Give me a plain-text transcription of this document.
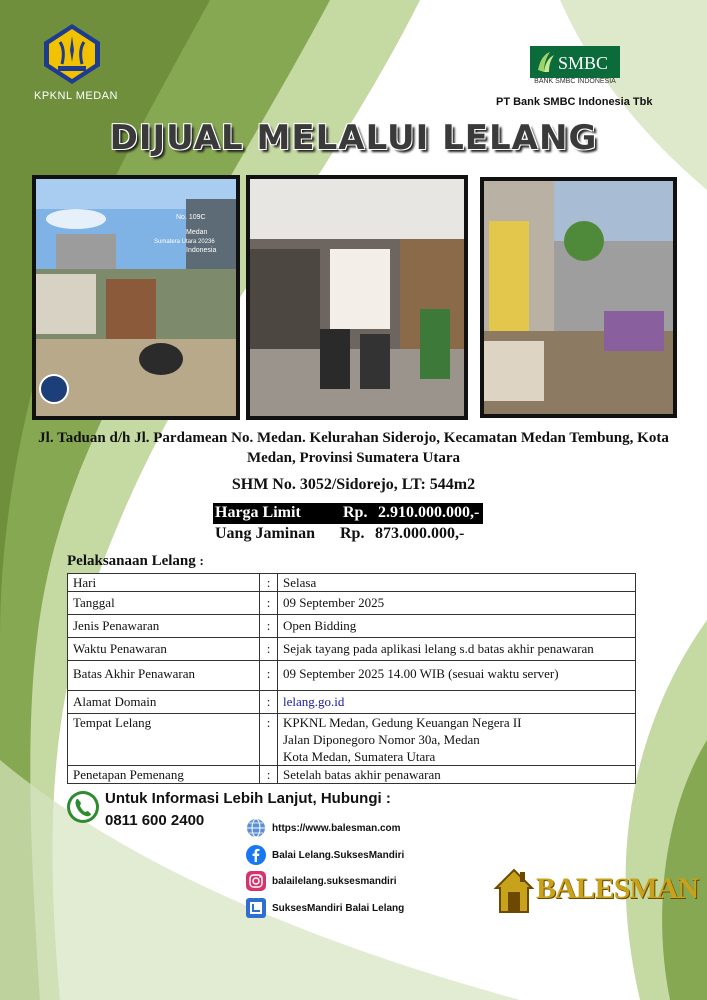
KPKNL MEDAN
SMBC
BANK SMBC INDONESIA
PT Bank SMBC Indonesia Tbk
DIJUAL MELALUI LELANG
No. 109C
Medan
Sumatera Utara 20236
Indonesia
Jl. Taduan d/h Jl. Pardamean No. Medan. Kelurahan Siderojo, Kecamatan Medan Tembung, Kota Medan, Provinsi Sumatera Utara
SHM No. 3052/Sidorejo, LT: 544m2
Harga Limit	Rp. 2.910.000.000,-
Uang Jaminan Rp. 873.000.000,-
Pelaksanaan Lelang :
Hari	:	Selasa
Tanggal	:	09 September 2025
Jenis Penawaran	:	Open Bidding
Waktu Penawaran	:	Sejak tayang pada aplikasi lelang s.d batas akhir penawaran
Batas Akhir Penawaran	:	09 September 2025 14.00 WIB (sesuai waktu server)
Alamat Domain	:	lelang.go.id
Tempat Lelang	:	KPKNL Medan, Gedung Keuangan Negera II
Jalan Diponegoro Nomor 30a, Medan
Kota Medan, Sumatera Utara

Penetapan Pemenang	:	Setelah batas akhir penawaran
Untuk Informasi Lebih Lanjut, Hubungi :
0811 600 2400	https://www.balesman.com
Balai Lelang.SuksesMandiri
balailelang.suksesmandiri
SuksesMandiri Balai Lelang
BALESMAN
